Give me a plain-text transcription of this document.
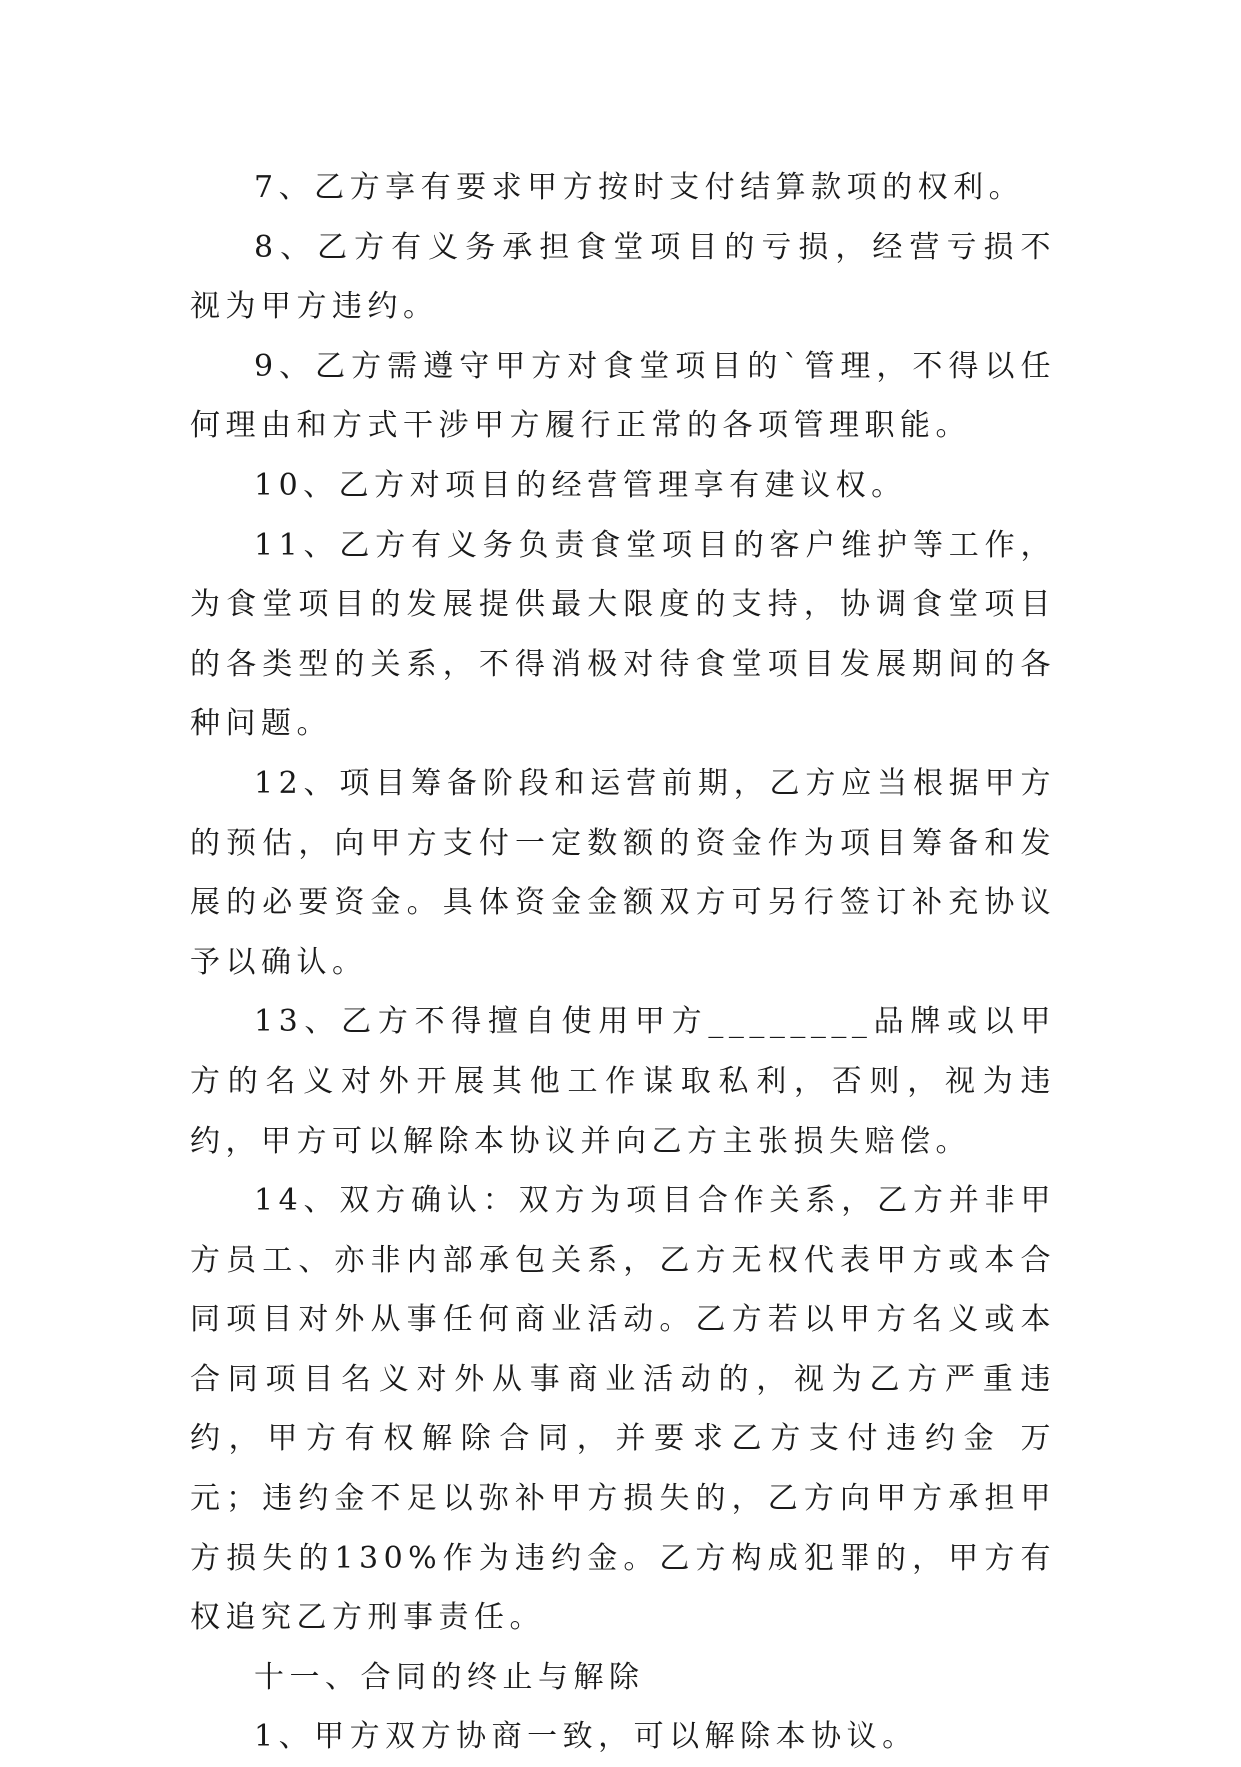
7、乙方享有要求甲方按时支付结算款项的权利。

8、乙方有义务承担食堂项目的亏损，经营亏损不视为甲方违约。

9、乙方需遵守甲方对食堂项目的`管理，不得以任何理由和方式干涉甲方履行正常的各项管理职能。

10、乙方对项目的经营管理享有建议权。

11、乙方有义务负责食堂项目的客户维护等工作，为食堂项目的发展提供最大限度的支持，协调食堂项目的各类型的关系，不得消极对待食堂项目发展期间的各种问题。

12、项目筹备阶段和运营前期，乙方应当根据甲方的预估，向甲方支付一定数额的资金作为项目筹备和发展的必要资金。具体资金金额双方可另行签订补充协议予以确认。

13、乙方不得擅自使用甲方________品牌或以甲方的名义对外开展其他工作谋取私利，否则，视为违约，甲方可以解除本协议并向乙方主张损失赔偿。

14、双方确认：双方为项目合作关系，乙方并非甲方员工、亦非内部承包关系，乙方无权代表甲方或本合同项目对外从事任何商业活动。乙方若以甲方名义或本合同项目名义对外从事商业活动的，视为乙方严重违约，甲方有权解除合同，并要求乙方支付违约金 万元；违约金不足以弥补甲方损失的，乙方向甲方承担甲方损失的130%作为违约金。乙方构成犯罪的，甲方有权追究乙方刑事责任。

十一、合同的终止与解除

1、甲方双方协商一致，可以解除本协议。
